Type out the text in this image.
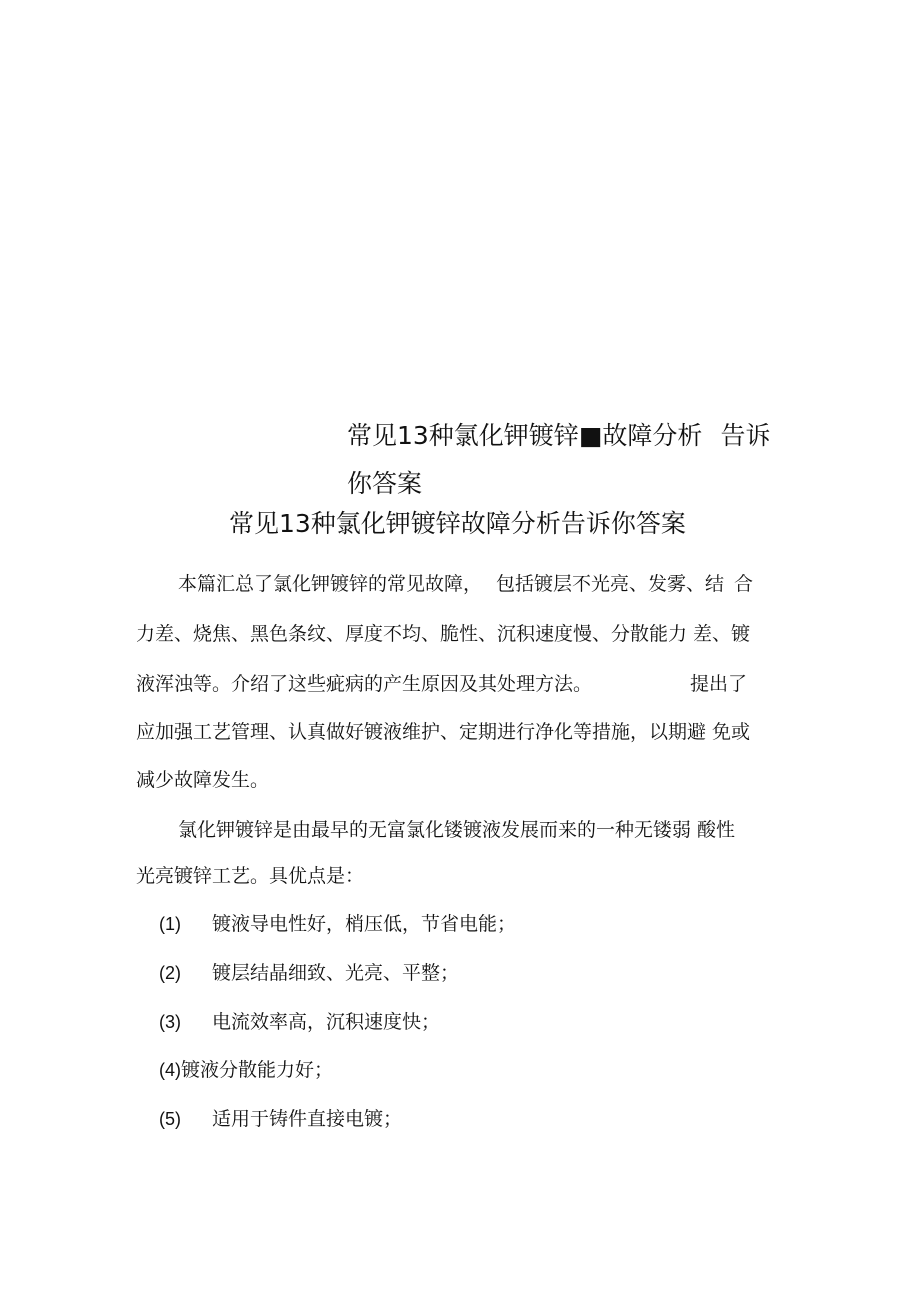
常见13种氯化钾镀锌■故障分析 告诉
你答案
常见13种氯化钾镀锌故障分析告诉你答案
本篇汇总了氯化钾镀锌的常见故障， 包括镀层不光亮、发雾、结 合
力差、烧焦、黑色条纹、厚度不均、脆性、沉积速度慢、分散能力 差、镀
液浑浊等。介绍了这些疵病的产生原因及其处理方法。	提出了
应加强工艺管理、认真做好镀液维护、定期进行净化等措施，以期避 免或
减少故障发生。
氯化钾镀锌是由最早的无富氯化镂镀液发展而来的一种无镂弱 酸性
光亮镀锌工艺。具优点是：
(1) 镀液导电性好，梢压低，节省电能；
(2) 镀层结晶细致、光亮、平整；
(3) 电流效率高，沉积速度快；
(4)镀液分散能力好；
(5) 适用于铸件直接电镀；
